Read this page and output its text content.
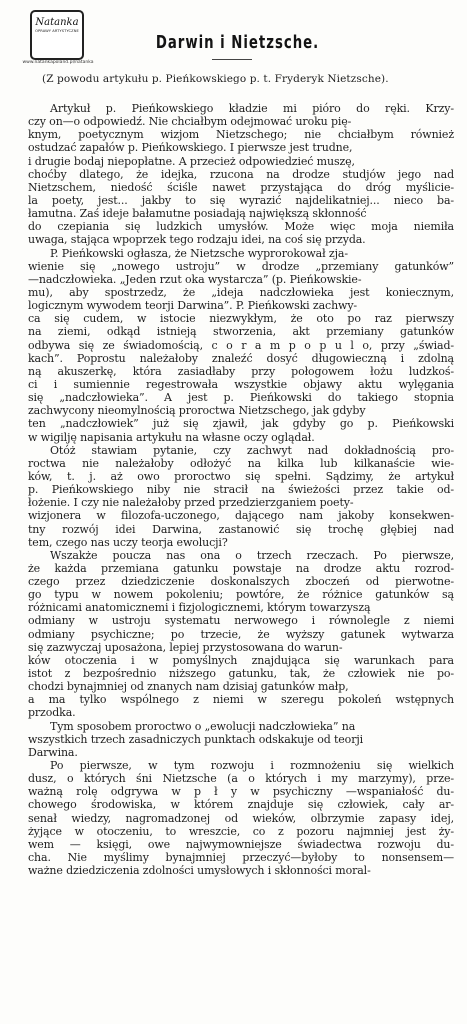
Natanka
OPRAWY ARTYSTYCZNE
www.natankapoland.pl/natanka
Darwin i Nietzsche.
(Z powodu artykułu p. Pieńkowskiego p. t. Fryderyk Nietzsche).
Artykuł p. Pieńkowskiego kładzie mi pióro do ręki. Krzy-
czy on—o odpowiedź. Nie chciałbym odejmować uroku pię-
knym, poetycznym wizjom Nietzschego; nie chciałbym również
ostudzać zapałów p. Pieńkowskiego. I pierwsze jest trudne,
i drugie bodaj niepopłatne. A przecież odpowiedzieć muszę,
choćby dlatego, że idejka, rzucona na drodze studjów jego nad
Nietzschem, niedość ściśle nawet przystająca do dróg myślicie-
la poety, jest... jakby to się wyrazić najdelikatniej... nieco ba-
łamutna. Zaś ideje bałamutne posiadają największą skłonność
do czepiania się ludzkich umysłów. Może więc moja niemiła
uwaga, stająca wpoprzek tego rodzaju idei, na coś się przyda.
P. Pieńkowski ogłasza, że Nietzsche wyprorokował zja-
wienie się „nowego ustroju” w drodze „przemiany gatunków”
—nadczłowieka. „Jeden rzut oka wystarcza” (p. Pieńkowskie-
mu), aby spostrzedz, że „ideja nadczłowieka jest koniecznym,
logicznym wywodem teorji Darwina”. P. Pieńkowski zachwy-
ca się cudem, w istocie niezwykłym, że oto po raz pierwszy
na ziemi, odkąd istnieją stworzenia, akt przemiany gatunków
odbywa się ze świadomością, c o r a m p o p u l o, przy „świad-
kach”. Poprostu należałoby znaleźć dosyć długowieczną i zdolną
ną akuszerkę, która zasiadłaby przy połogowem łożu ludzkoś-
ci i sumiennie regestrowała wszystkie objawy aktu wylęgania
się „nadczłowieka”. A jest p. Pieńkowski do takiego stopnia
zachwycony nieomylnością proroctwa Nietzschego, jak gdyby
ten „nadczłowiek” już się zjawił, jak gdyby go p. Pieńkowski
w wigilję napisania artykułu na własne oczy oglądał.
Otóż stawiam pytanie, czy zachwyt nad dokładnością pro-
roctwa nie należałoby odłożyć na kilka lub kilkanaście wie-
ków, t. j. aż owo proroctwo się spełni. Sądzimy, że artykuł
p. Pieńkowskiego niby nie stracił na świeżości przez takie od-
łożenie. I czy nie należałoby przed przedzierzganiem poety-
wizjonera w filozofa-uczonego, dającego nam jakoby konsekwen-
tny rozwój idei Darwina, zastanowić się trochę głębiej nad
tem, czego nas uczy teorja ewolucji?
Wszakże poucza nas ona o trzech rzeczach. Po pierwsze,
że każda przemiana gatunku powstaje na drodze aktu rozrod-
czego przez dziedziczenie doskonalszych zboczeń od pierwotne-
go typu w nowem pokoleniu; powtóre, że różnice gatunków są
różnicami anatomicznemi i fizjologicznemi, którym towarzyszą
odmiany w ustroju systematu nerwowego i równolegle z niemi
odmiany psychiczne; po trzecie, że wyższy gatunek wytwarza
się zazwyczaj uposażona, lepiej przystosowana do warun-
ków otoczenia i w pomyślnych znajdująca się warunkach para
istot z bezpośrednio niższego gatunku, tak, że człowiek nie po-
chodzi bynajmniej od znanych nam dzisiaj gatunków małp,
a ma tylko wspólnego z niemi w szeregu pokoleń wstępnych
przodka.
Tym sposobem proroctwo o „ewolucji nadczłowieka” na
wszystkich trzech zasadniczych punktach odskakuje od teorji
Darwina.
Po pierwsze, w tym rozwoju i rozmnożeniu się wielkich
dusz, o których śni Nietzsche (a o których i my marzymy), prze-
ważną rolę odgrywa w p ł y w psychiczny —wspaniałość du-
chowego środowiska, w którem znajduje się człowiek, cały ar-
senał wiedzy, nagromadzonej od wieków, olbrzymie zapasy idej,
żyjące w otoczeniu, to wreszcie, co z pozoru najmniej jest ży-
wem — księgi, owe najwymowniejsze świadectwa rozwoju du-
cha. Nie myślimy bynajmniej przeczyć—byłoby to nonsensem—
ważne dziedziczenia zdolności umysłowych i skłonności moral-
